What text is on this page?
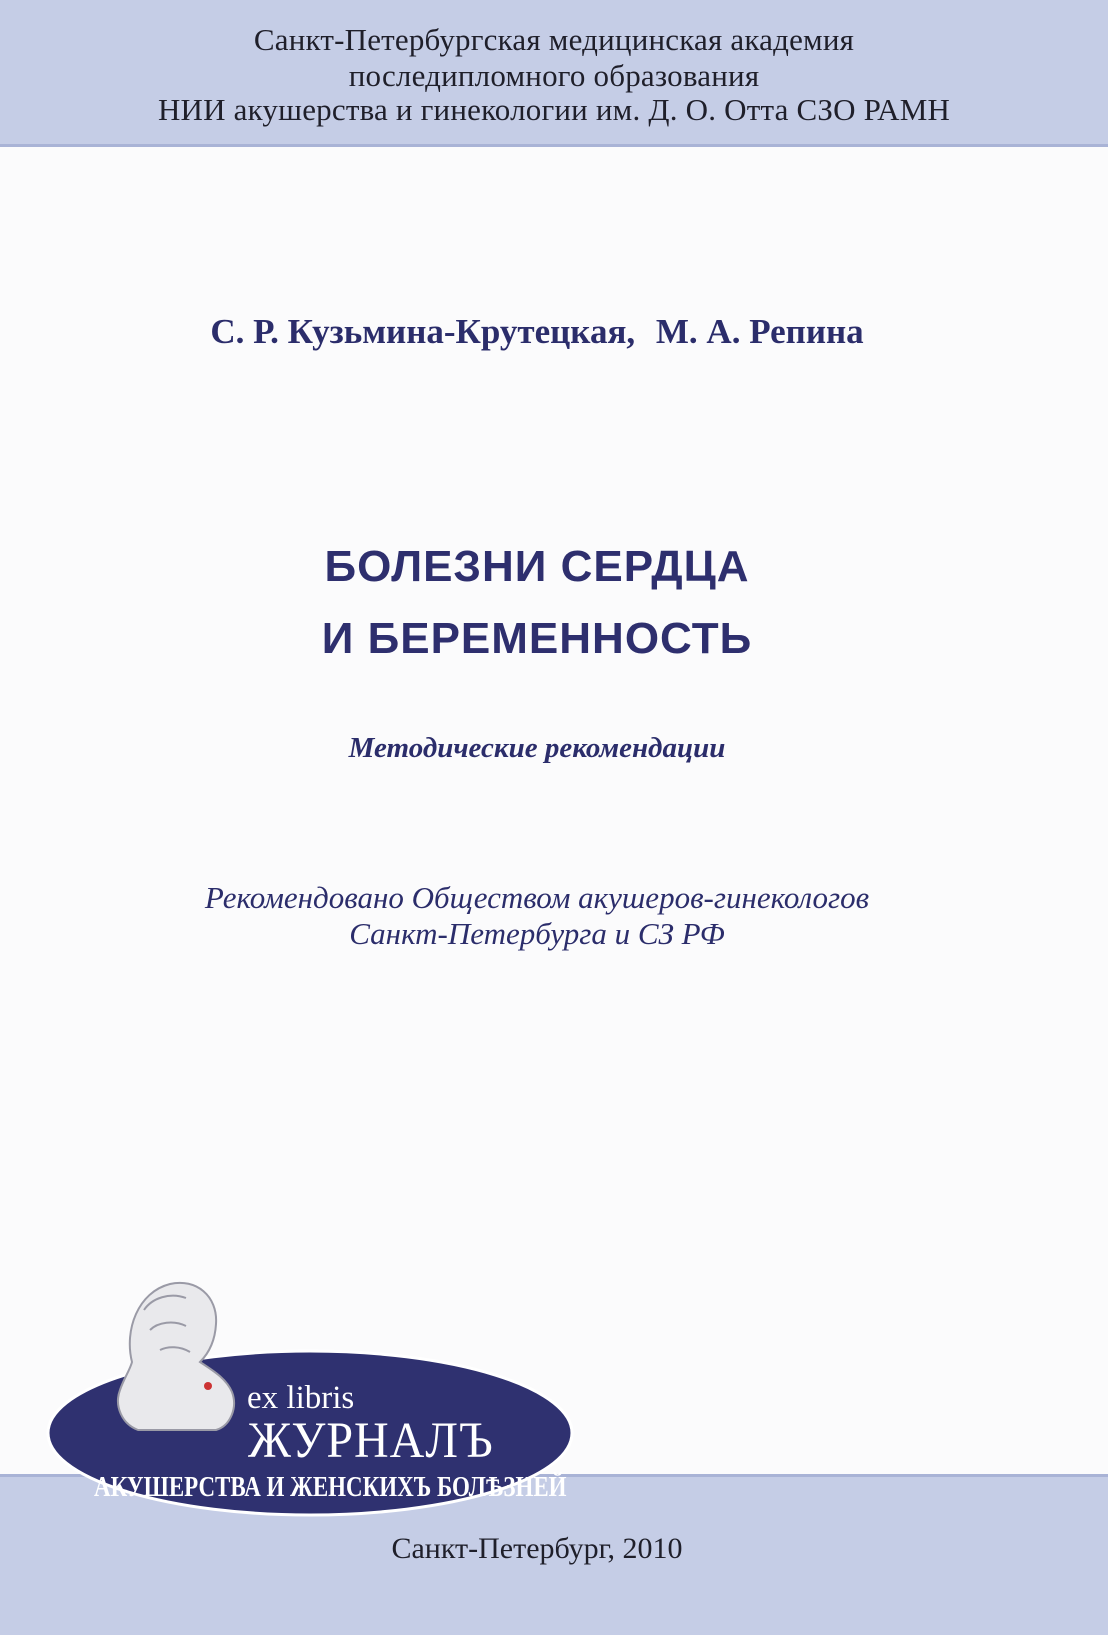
Санкт-Петербургская медицинская академия
последипломного образования
НИИ акушерства и гинекологии им. Д. О. Отта СЗО РАМН
С. Р. Кузьмина-Крутецкая, М. А. Репина
БОЛЕЗНИ СЕРДЦА
И БЕРЕМЕННОСТЬ
Методические рекомендации
Рекомендовано Обществом акушеров-гинекологов
Санкт-Петербурга и СЗ РФ
Санкт-Петербург, 2010
ex libris
ЖУРНАЛЪ
АКУШЕРСТВА И ЖЕНСКИХЪ БОЛѢЗНЕЙ
